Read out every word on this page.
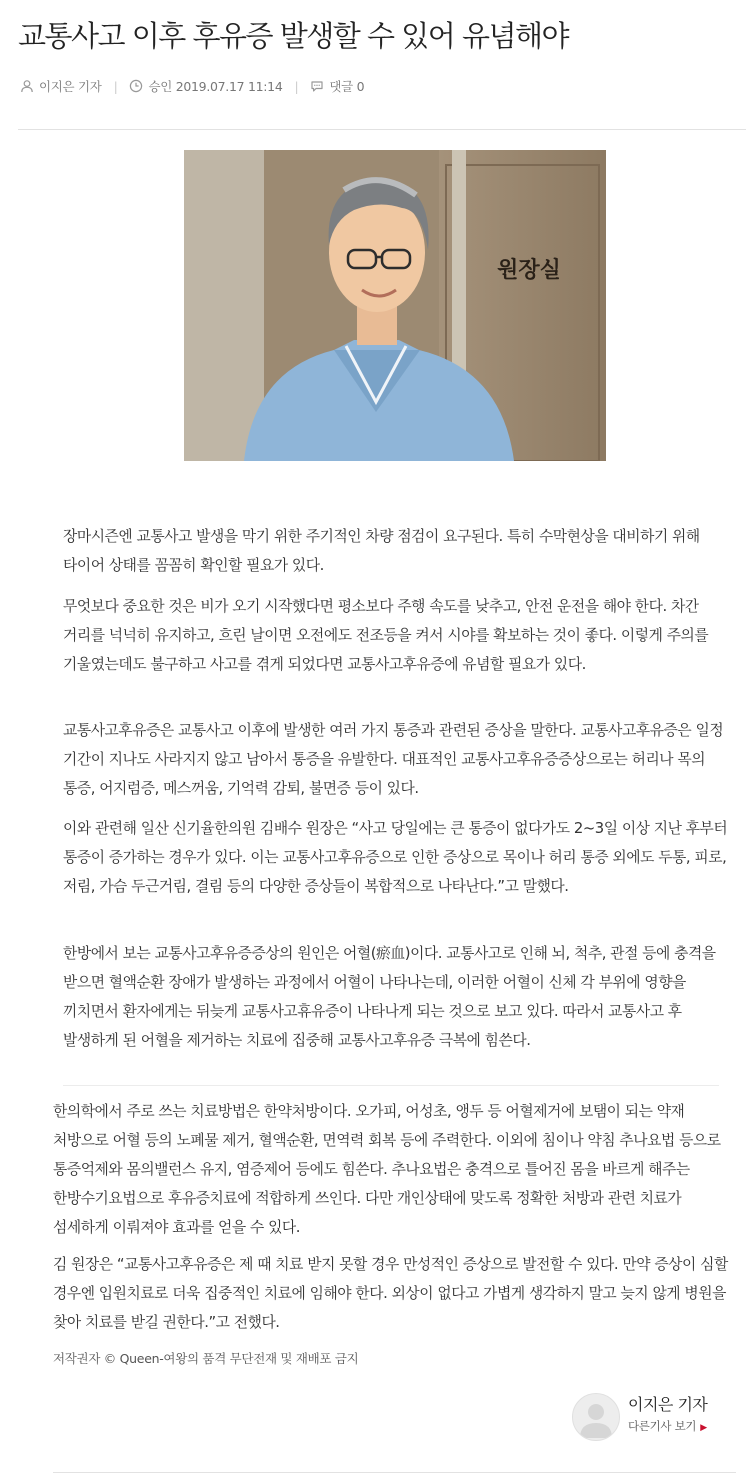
교통사고 이후 후유증 발생할 수 있어 유념해야
이지은 기자 | 승인 2019.07.17 11:14 | 댓글 0
원장실

장마시즌엔 교통사고 발생을 막기 위한 주기적인 차량 점검이 요구된다. 특히 수막현상을 대비하기 위해 타이어 상태를 꼼꼼히 확인할 필요가 있다.

무엇보다 중요한 것은 비가 오기 시작했다면 평소보다 주행 속도를 낮추고, 안전 운전을 해야 한다. 차간 거리를 넉넉히 유지하고, 흐린 날이면 오전에도 전조등을 켜서 시야를 확보하는 것이 좋다. 이렇게 주의를 기울였는데도 불구하고 사고를 겪게 되었다면 교통사고후유증에 유념할 필요가 있다.

교통사고후유증은 교통사고 이후에 발생한 여러 가지 통증과 관련된 증상을 말한다. 교통사고후유증은 일정 기간이 지나도 사라지지 않고 남아서 통증을 유발한다. 대표적인 교통사고후유증증상으로는 허리나 목의 통증, 어지럼증, 메스꺼움, 기억력 감퇴, 불면증 등이 있다.

이와 관련해 일산 신기율한의원 김배수 원장은 “사고 당일에는 큰 통증이 없다가도 2~3일 이상 지난 후부터 통증이 증가하는 경우가 있다. 이는 교통사고후유증으로 인한 증상으로 목이나 허리 통증 외에도 두통, 피로, 저림, 가슴 두근거림, 결림 등의 다양한 증상들이 복합적으로 나타난다.”고 말했다.

한방에서 보는 교통사고후유증증상의 원인은 어혈(瘀血)이다. 교통사고로 인해 뇌, 척추, 관절 등에 충격을 받으면 혈액순환 장애가 발생하는 과정에서 어혈이 나타나는데, 이러한 어혈이 신체 각 부위에 영향을 끼치면서 환자에게는 뒤늦게 교통사고휴유증이 나타나게 되는 것으로 보고 있다. 따라서 교통사고 후 발생하게 된 어혈을 제거하는 치료에 집중해 교통사고후유증 극복에 힘쓴다.

한의학에서 주로 쓰는 치료방법은 한약처방이다. 오가피, 어성초, 앵두 등 어혈제거에 보탬이 되는 약재 처방으로 어혈 등의 노폐물 제거, 혈액순환, 면역력 회복 등에 주력한다. 이외에 침이나 약침 추나요법 등으로 통증억제와 몸의밸런스 유지, 염증제어 등에도 힘쓴다. 추나요법은 충격으로 틀어진 몸을 바르게 해주는 한방수기요법으로 후유증치료에 적합하게 쓰인다. 다만 개인상태에 맞도록 정확한 처방과 관련 치료가 섬세하게 이뤄져야 효과를 얻을 수 있다.

김 원장은 “교통사고후유증은 제 때 치료 받지 못할 경우 만성적인 증상으로 발전할 수 있다. 만약 증상이 심할 경우엔 입원치료로 더욱 집중적인 치료에 임해야 한다. 외상이 없다고 가볍게 생각하지 말고 늦지 않게 병원을 찾아 치료를 받길 권한다.”고 전했다.

저작권자 © Queen-여왕의 품격 무단전재 및 재배포 금지
이지은 기자
다른기사 보기 ▶
